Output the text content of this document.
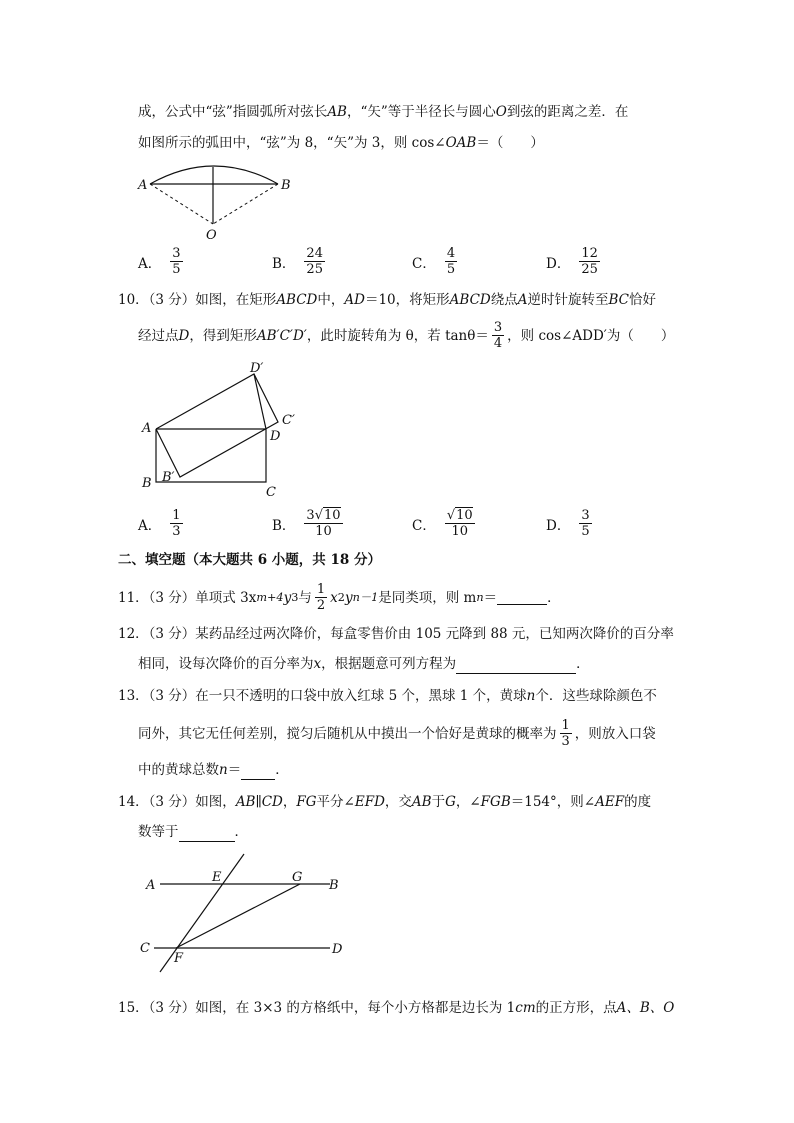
成，公式中“弦”指圆弧所对弦长AB，“矢”等于半径长与圆心O到弦的距离之差．在
如图所示的弧田中，“弦”为 8，“矢”为 3，则 cos∠OAB＝（　　）
A	B
O
A． $\frac{3}{5}$	B． $\frac{24}{25}$	C． $\frac{4}{5}$	D． $\frac{12}{25}$
10．（3 分）如图，在矩形ABCD中，AD＝10，将矩形ABCD绕点A逆时针旋转至BC恰好
经过点 D ，得到矩形 AB′C′D′ ，此时旋转角为 θ，若 $\tan\theta= \frac{3}{4}$ ，则 cos∠ADD′为（　　）
D′
A
C′
D
B′
B
C
A． $\frac{1}{3}$	B． $\frac{3√10}{10}$	C． $\frac{√10}{10}$	D． $\frac{3}{5}$
二、填空题（本大题共 6 小题，共 18 分）
11．（3 分）单项式 3x m+4 y 3 与 $\frac{1}{2}$ x 2 y n－1 是同类项，则 m n ＝	．
12．（3 分）某药品经过两次降价，每盒零售价由 105 元降到 88 元，已知两次降价的百分率
相同，设每次降价的百分率为x，根据题意可列方程为	．
13．（3 分）在一只不透明的口袋中放入红球 5 个，黑球 1 个，黄球n个．这些球除颜色不
同外，其它无任何差别，搅匀后随机从中摸出一个恰好是黄球的概率为 $\frac{1}{3}$ ，则放入口袋
中的黄球总数n＝	．
14．（3 分）如图，AB∥CD，FG平分∠EFD，交AB于G，∠FGB＝154°，则∠AEF的度
数等于	．
A
E	G
B
C
F
D
15．（3 分）如图，在 3×3 的方格纸中，每个小方格都是边长为 1cm的正方形，点A、B、O
